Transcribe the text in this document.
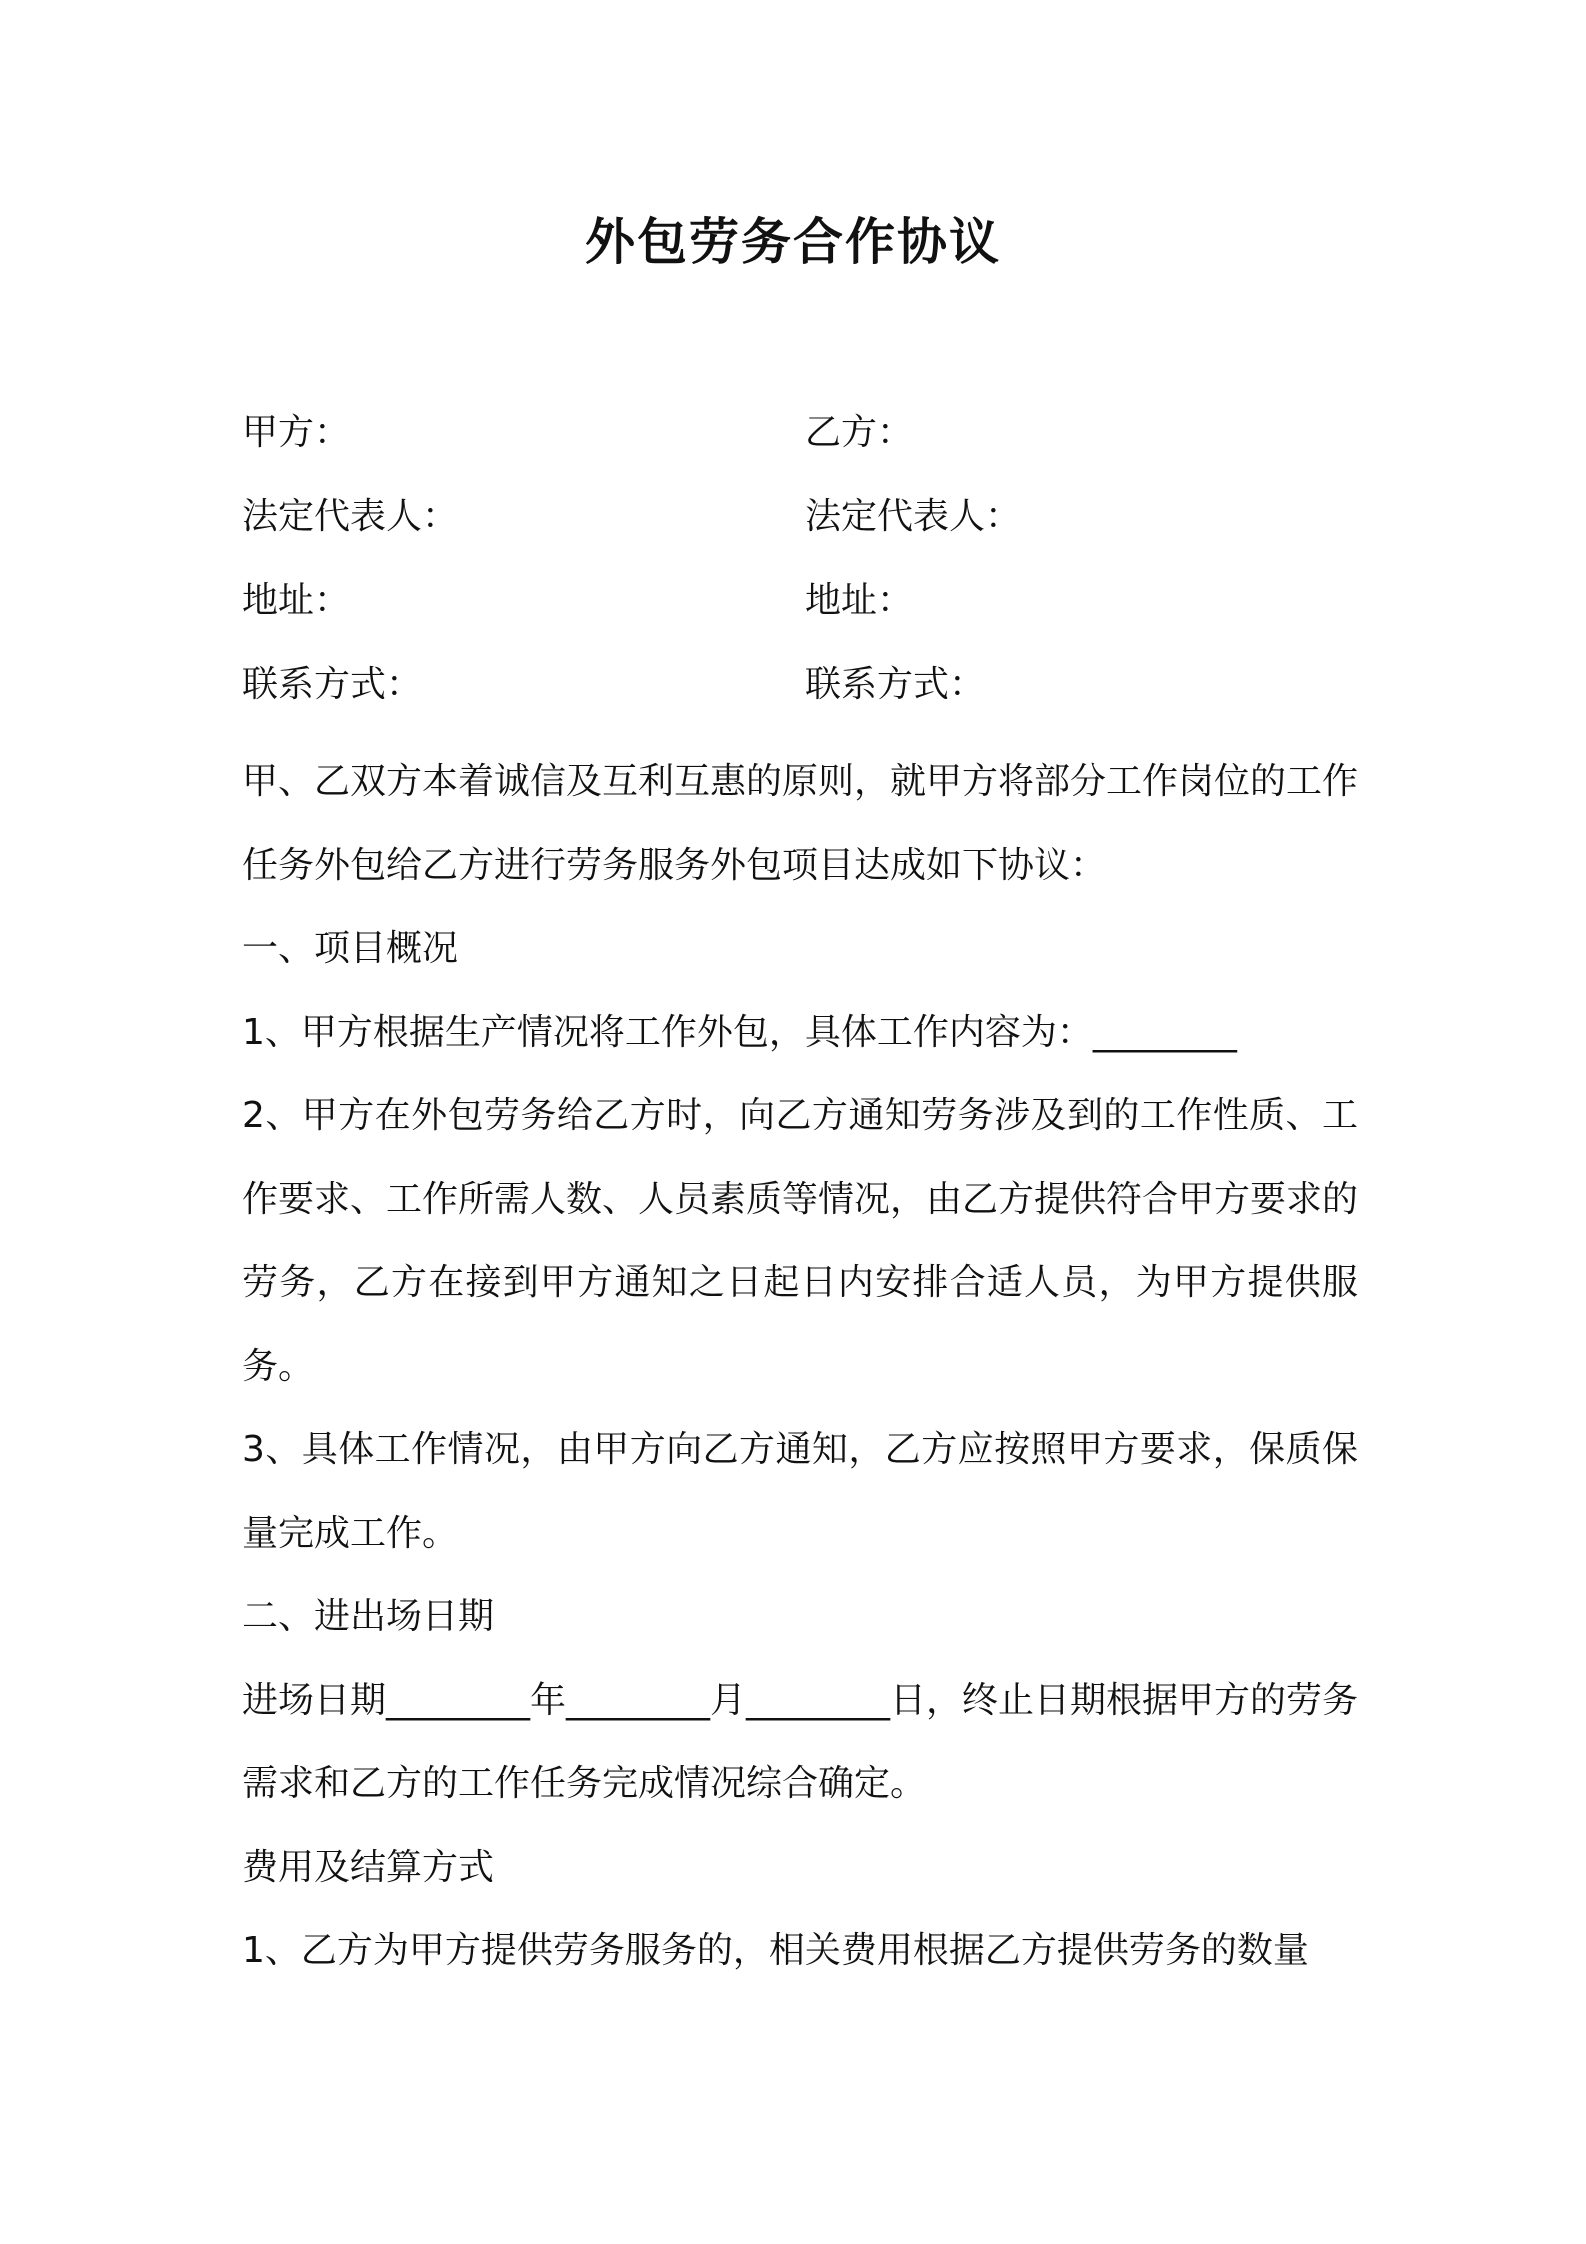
外包劳务合作协议
甲方：	乙方：
法定代表人：	法定代表人：
地址：	地址：
联系方式：	联系方式：

甲、乙双方本着诚信及互利互惠的原则，就甲方将部分工作岗位的工作任务外包给乙方进行劳务服务外包项目达成如下协议：

一、项目概况

1、甲方根据生产情况将工作外包，具体工作内容为：________

2、甲方在外包劳务给乙方时，向乙方通知劳务涉及到的工作性质、工作要求、工作所需人数、人员素质等情况，由乙方提供符合甲方要求的劳务，乙方在接到甲方通知之日起日内安排合适人员，为甲方提供服务。

3、具体工作情况，由甲方向乙方通知，乙方应按照甲方要求，保质保量完成工作。

二、进出场日期

进场日期________年________月________日，终止日期根据甲方的劳务需求和乙方的工作任务完成情况综合确定。

费用及结算方式

1、乙方为甲方提供劳务服务的，相关费用根据乙方提供劳务的数量
